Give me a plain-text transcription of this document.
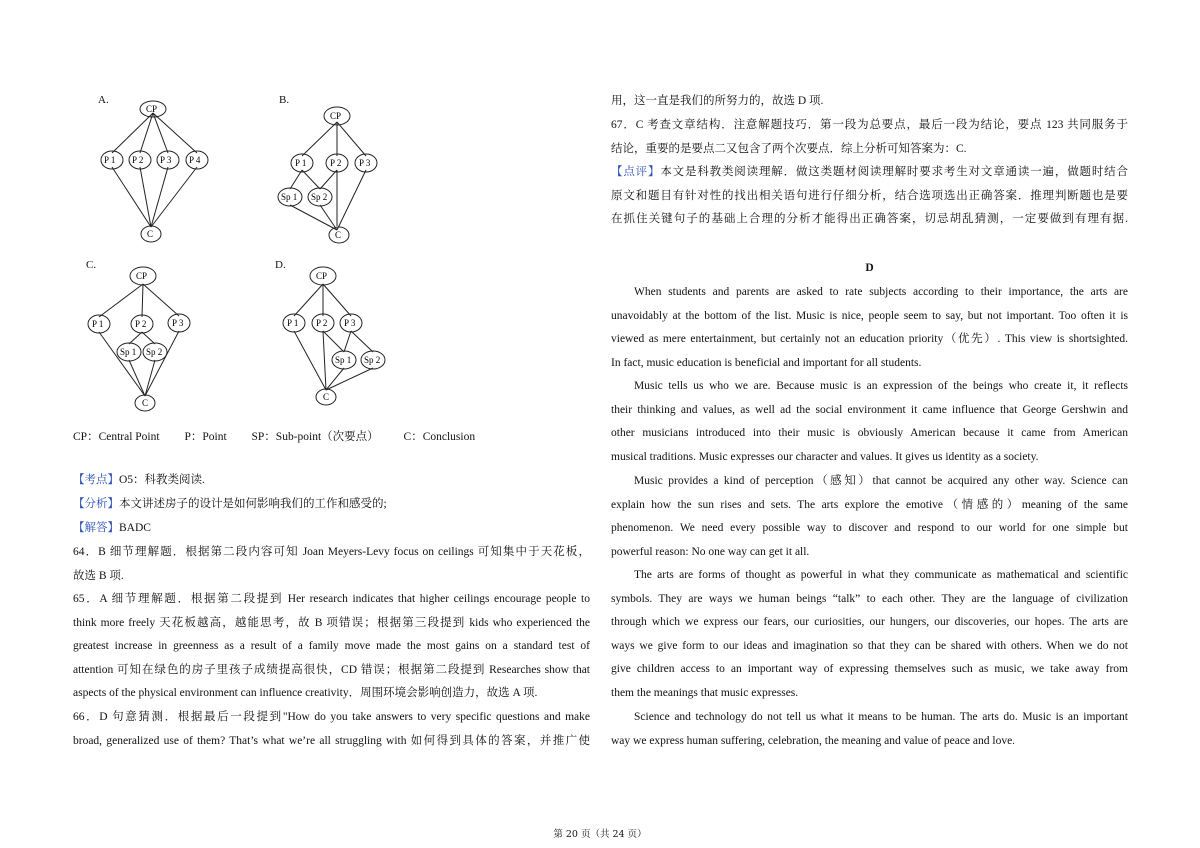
A.
CP
P 1 P 2 P 3 P 4
C
B.
CP
P 1	P 2 P 3
Sp 1 Sp 2
C
C.
CP
P 1	P 2	P 3
Sp 1 Sp 2
C
D.
CP
P 1 P 2 P 3
Sp 1 Sp 2
C
CP：Central Point P：Point SP：Sub-point（次要点） C：Conclusion
【考点】O5：科教类阅读.
【分析】本文讲述房子的设计是如何影响我们的工作和感受的;
【解答】BADC
64．B 细节理解题．根据第二段内容可知 Joan Meyers-Levy focus on ceilings 可知集中于天花板，
故选 B 项.
65．A 细节理解题．根据第二段提到 Her research indicates that higher ceilings encourage people to
think more freely 天花板越高，越能思考，故 B 项错误；根据第三段提到 kids who experienced the
greatest increase in greenness as a result of a family move made the most gains on a standard test of
attention 可知在绿色的房子里孩子成绩提高很快，CD 错误；根据第二段提到 Researches show that
aspects of the physical environment can influence creativity．周围环境会影响创造力，故选 A 项.
66．D 句意猜测．根据最后一段提到"How do you take answers to very specific questions and make
broad, generalized use of them? That’s what we’re all struggling with 如何得到具体的答案，并推广使
用，这一直是我们的所努力的，故选 D 项.
67．C 考查文章结构．注意解题技巧．第一段为总要点，最后一段为结论，要点 123 共同服务于
结论，重要的是要点二又包含了两个次要点．综上分析可知答案为：C.
【点评】本文是科教类阅读理解．做这类题材阅读理解时要求考生对文章通读一遍，做题时结合
原文和题目有针对性的找出相关语句进行仔细分析，结合选项选出正确答案．推理判断题也是要
在抓住关键句子的基础上合理的分析才能得出正确答案，切忌胡乱猜测，一定要做到有理有据.
D
When students and parents are asked to rate subjects according to their importance, the arts are
unavoidably at the bottom of the list. Music is nice, people seem to say, but not important. Too often it is
viewed as mere entertainment, but certainly not an education priority（优先）. This view is shortsighted.
In fact, music education is beneficial and important for all students.
Music tells us who we are. Because music is an expression of the beings who create it, it reflects
their thinking and values, as well ad the social environment it came influence that George Gershwin and
other musicians introduced into their music is obviously American because it came from American
musical traditions. Music expresses our character and values. It gives us identity as a society.
Music provides a kind of perception（感知）that cannot be acquired any other way. Science can
explain how the sun rises and sets. The arts explore the emotive（情感的）meaning of the same
phenomenon. We need every possible way to discover and respond to our world for one simple but
powerful reason: No one way can get it all.
The arts are forms of thought as powerful in what they communicate as mathematical and scientific
symbols. They are ways we human beings “talk” to each other. They are the language of civilization
through which we express our fears, our curiosities, our hungers, our discoveries, our hopes. The arts are
ways we give form to our ideas and imagination so that they can be shared with others. When we do not
give children access to an important way of expressing themselves such as music, we take away from
them the meanings that music expresses.
Science and technology do not tell us what it means to be human. The arts do. Music is an important
way we express human suffering, celebration, the meaning and value of peace and love.
第 20 页（共 24 页）
